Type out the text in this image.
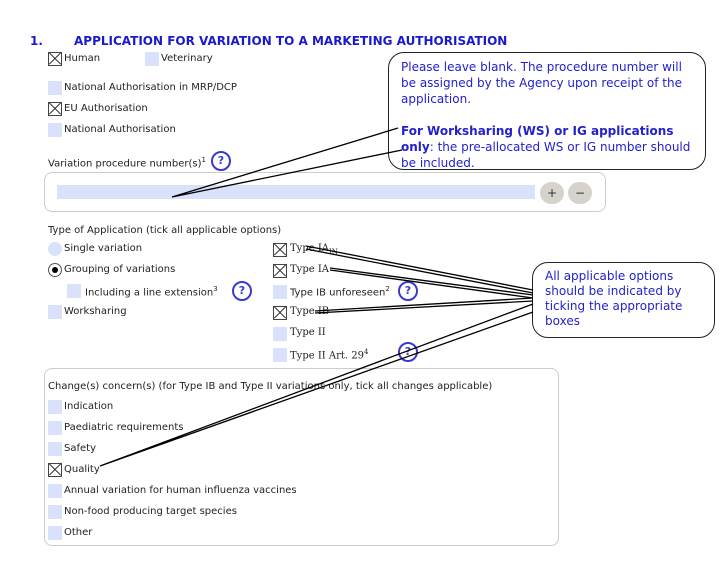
1.	APPLICATION FOR VARIATION TO A MARKETING AUTHORISATION
Human	Veterinary
National Authorisation in MRP/DCP
EU Authorisation
National Authorisation
Variation procedure $number(s)^1$	?
+	−
Type of Application (tick all applicable options)
Single variation
Grouping of variations
Including a line extension$^3$	?
Worksharing
Type $IA_{IN}$
Type IA
Type IB unforeseen$^2$	?
Type IB
Type II
Type II Art. $29^4$	?
Change(s) concern(s) (for Type IB and Type II variations only, tick all changes applicable)
Indication
Paediatric requirements
Safety
Quality
Annual variation for human influenza vaccines
Non-food producing target species
Other
Please leave blank. The procedure number will be assigned by the Agency upon receipt of the application.
For Worksharing (WS) or IG applications only: the pre-allocated WS or IG number should be included.
All applicable options should be indicated by ticking the appropriate boxes
